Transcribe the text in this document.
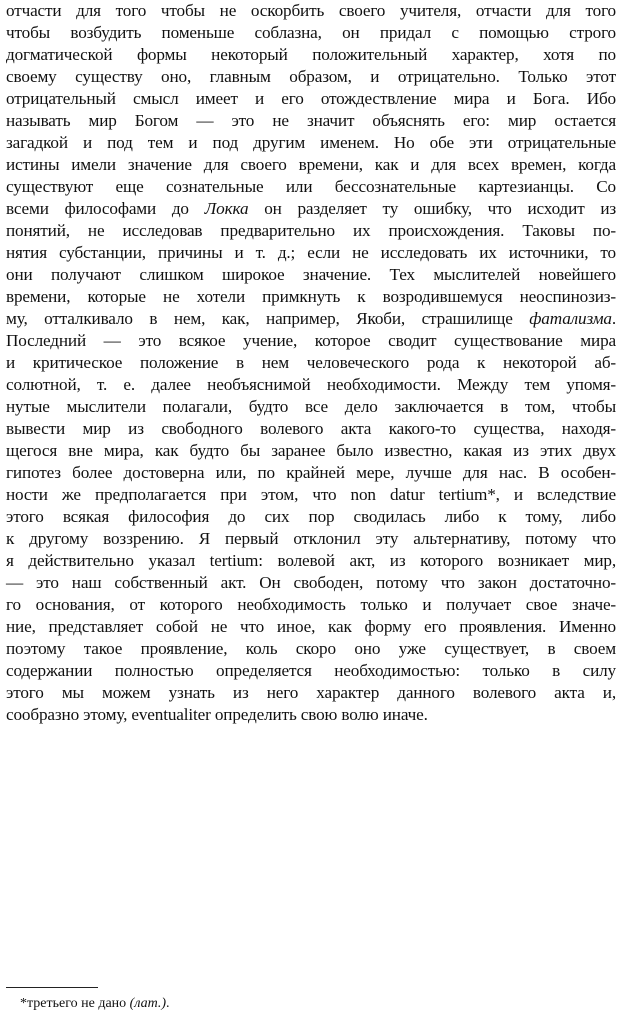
отчасти для того чтобы не оскорбить своего учителя, отчасти для того
чтобы возбудить поменьше соблазна, он придал с помощью строго
догматической формы некоторый положительный характер, хотя по
своему существу оно, главным образом, и отрицательно. Только этот
отрицательный смысл имеет и его отождествление мира и Бога. Ибо
называть мир Богом — это не значит объяснять его: мир остается
загадкой и под тем и под другим именем. Но обе эти отрицательные
истины имели значение для своего времени, как и для всех времен, когда
существуют еще сознательные или бессознательные картезианцы. Со
всеми философами до Локка он разделяет ту ошибку, что исходит из
понятий, не исследовав предварительно их происхождения. Таковы по-
нятия субстанции, причины и т. д.; если не исследовать их источники, то
они получают слишком широкое значение. Тех мыслителей новейшего
времени, которые не хотели примкнуть к возродившемуся неоспинозиз-
му, отталкивало в нем, как, например, Якоби, страшилище фатализма.
Последний — это всякое учение, которое сводит существование мира
и критическое положение в нем человеческого рода к некоторой аб-
солютной, т. е. далее необъяснимой необходимости. Между тем упомя-
нутые мыслители полагали, будто все дело заключается в том, чтобы
вывести мир из свободного волевого акта какого-то существа, находя-
щегося вне мира, как будто бы заранее было известно, какая из этих двух
гипотез более достоверна или, по крайней мере, лучше для нас. В особен-
ности же предполагается при этом, что non datur tertium*, и вследствие
этого всякая философия до сих пор сводилась либо к тому, либо
к другому воззрению. Я первый отклонил эту альтернативу, потому что
я действительно указал tertium: волевой акт, из которого возникает мир,
— это наш собственный акт. Он свободен, потому что закон достаточно-
го основания, от которого необходимость только и получает свое значе-
ние, представляет собой не что иное, как форму его проявления. Именно
поэтому такое проявление, коль скоро оно уже существует, в своем
содержании полностью определяется необходимостью: только в силу
этого мы можем узнать из него характер данного волевого акта и,
сообразно этому, eventualiter определить свою волю иначе.
*третьего не дано (лат.).
